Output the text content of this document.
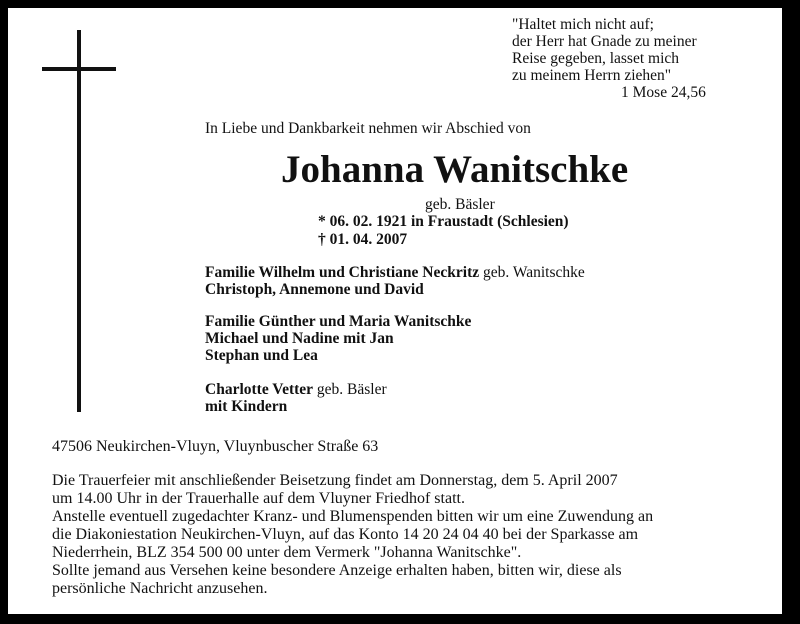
"Haltet mich nicht auf;
der Herr hat Gnade zu meiner
Reise gegeben, lasset mich
zu meinem Herrn ziehen"
1 Mose 24,56
In Liebe und Dankbarkeit nehmen wir Abschied von
Johanna Wanitschke
geb. Bäsler
* 06. 02. 1921 in Fraustadt (Schlesien)
† 01. 04. 2007
Familie Wilhelm und Christiane Neckritz geb. Wanitschke
Christoph, Annemone und David
Familie Günther und Maria Wanitschke
Michael und Nadine mit Jan
Stephan und Lea
Charlotte Vetter geb. Bäsler
mit Kindern
47506 Neukirchen-Vluyn, Vluynbuscher Straße 63
Die Trauerfeier mit anschließender Beisetzung findet am Donnerstag, dem 5. April 2007
um 14.00 Uhr in der Trauerhalle auf dem Vluyner Friedhof statt.
Anstelle eventuell zugedachter Kranz- und Blumenspenden bitten wir um eine Zuwendung an
die Diakoniestation Neukirchen-Vluyn, auf das Konto 14 20 24 04 40 bei der Sparkasse am
Niederrhein, BLZ 354 500 00 unter dem Vermerk "Johanna Wanitschke".
Sollte jemand aus Versehen keine besondere Anzeige erhalten haben, bitten wir, diese als
persönliche Nachricht anzusehen.
